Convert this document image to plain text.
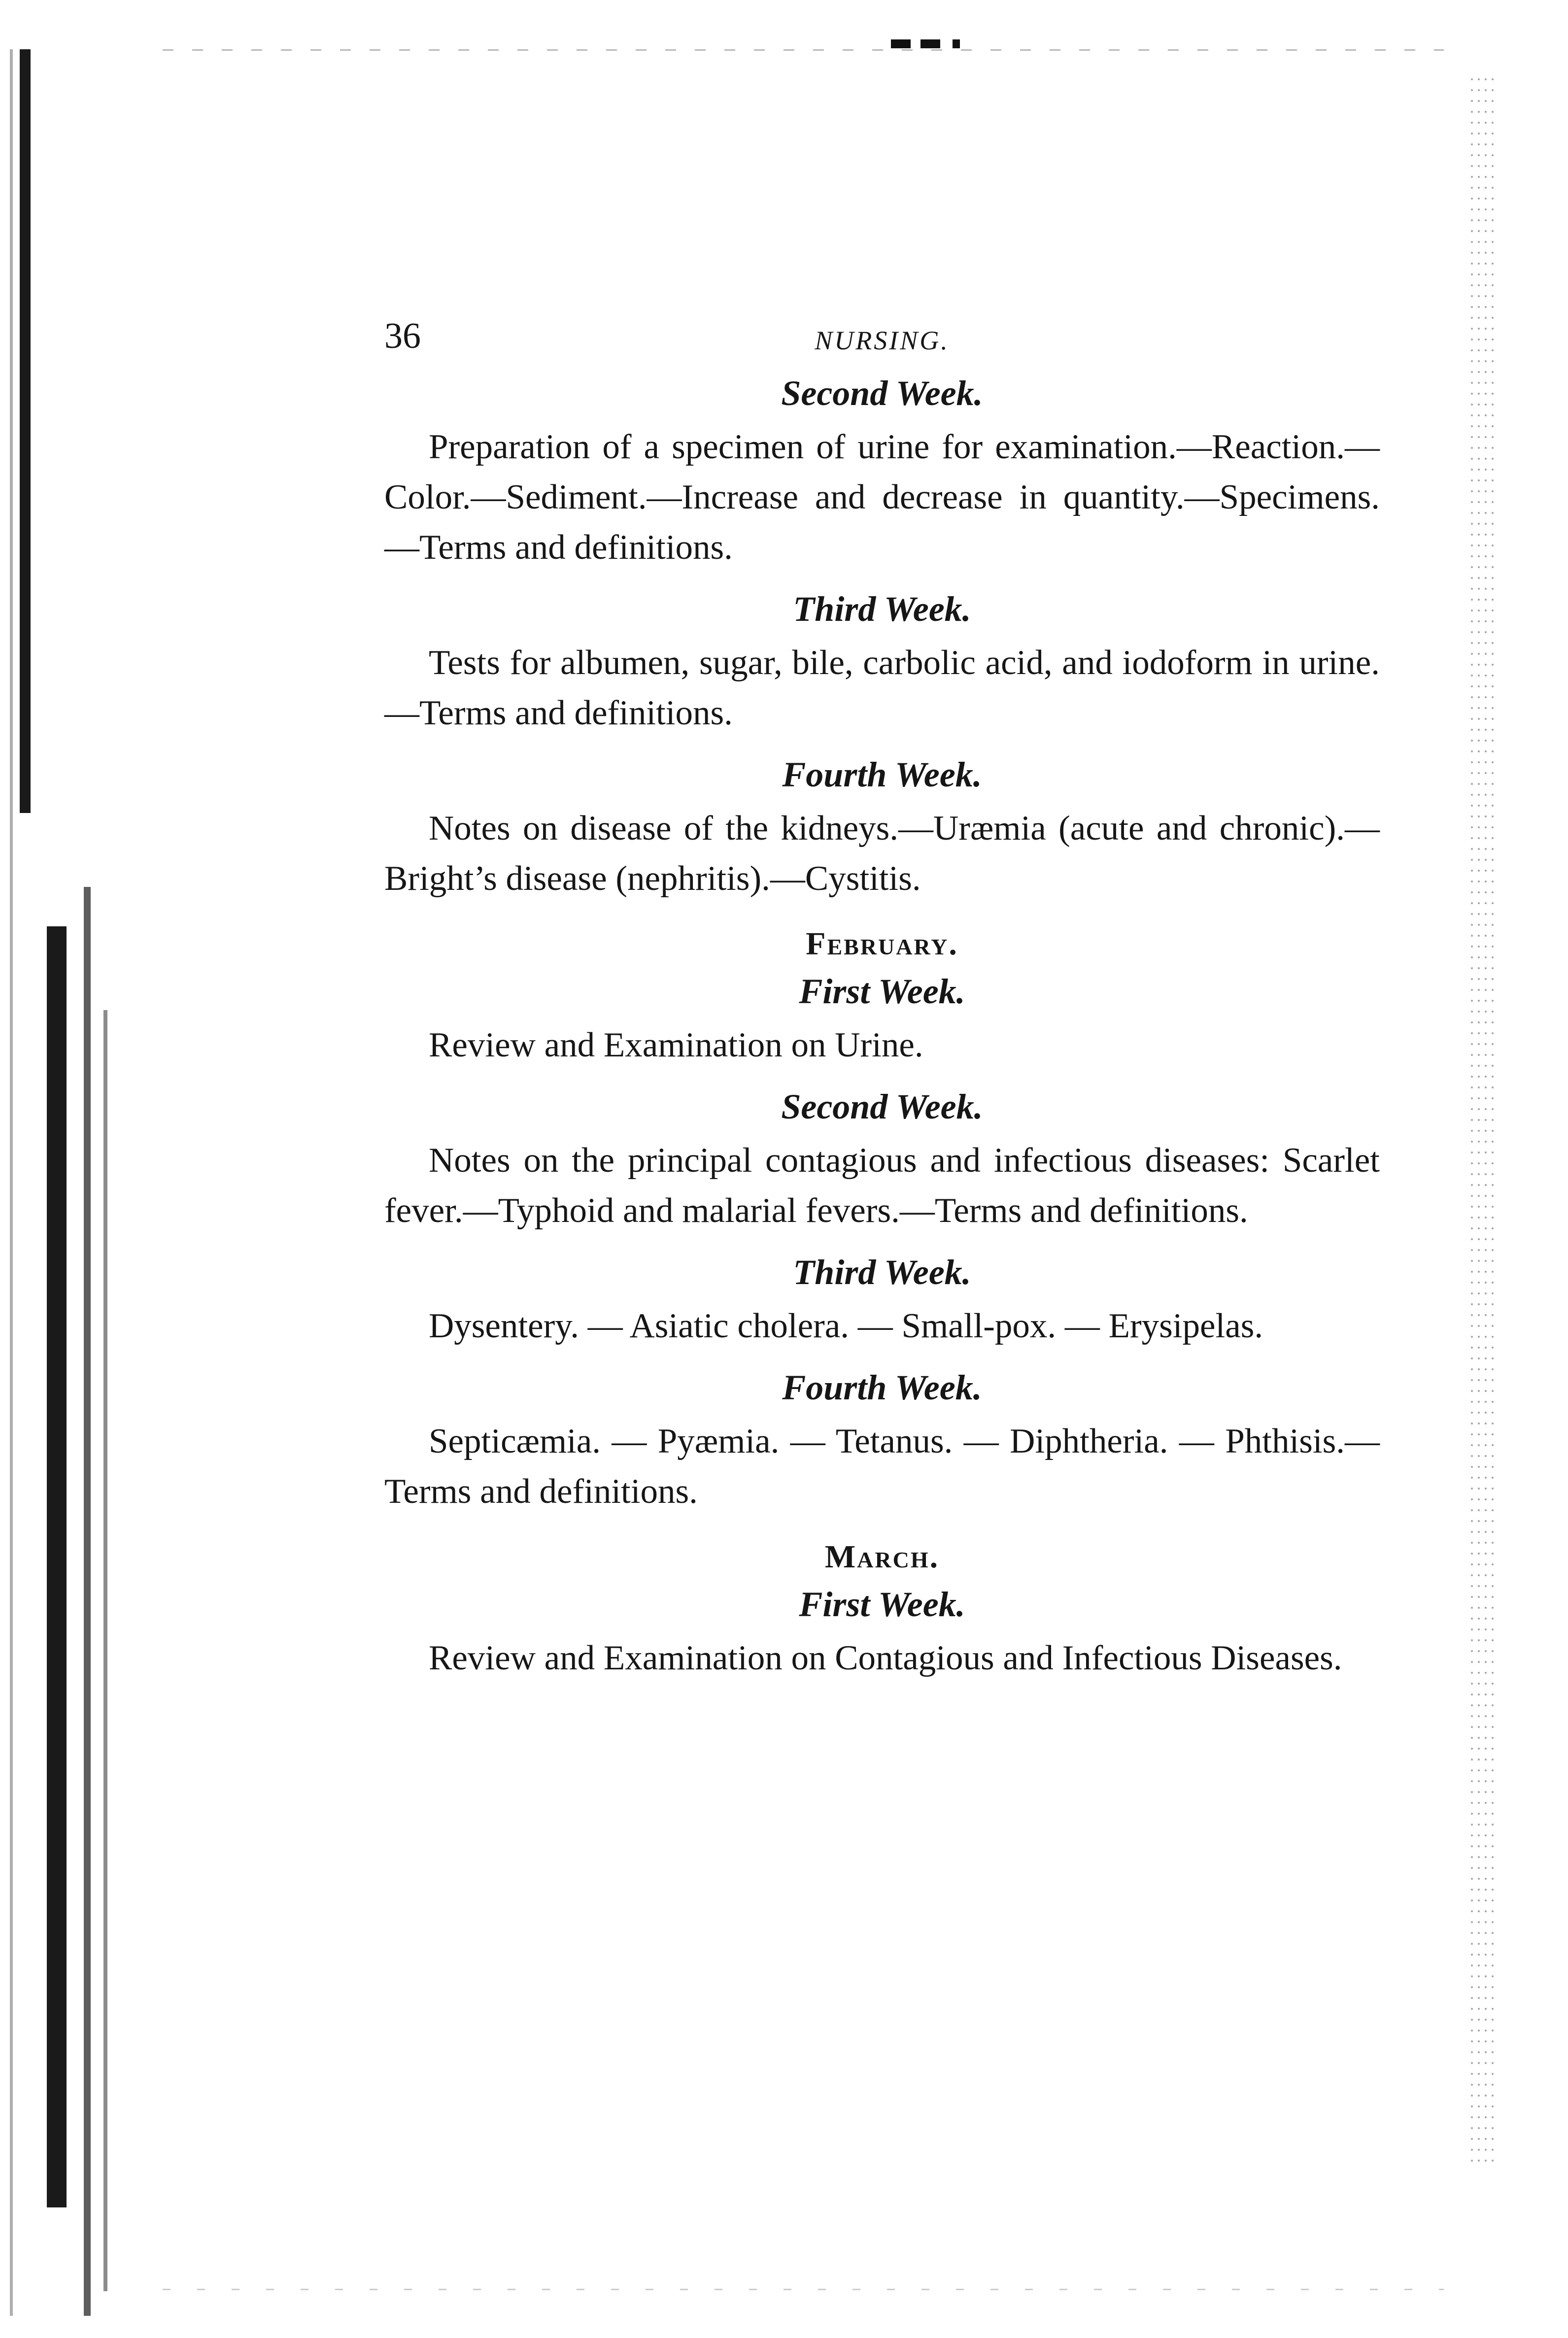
36	NURSING.
Second Week.

Preparation of a specimen of urine for examination.—Reaction.—Color.—Sediment.—Increase and decrease in quantity.—Specimens.—Terms and definitions.

Third Week.

Tests for albumen, sugar, bile, carbolic acid, and iodoform in urine.—Terms and definitions.

Fourth Week.

Notes on disease of the kidneys.—Uræmia (acute and chronic).—Bright’s disease (nephritis).—Cystitis.

February.
First Week.

Review and Examination on Urine.

Second Week.

Notes on the principal contagious and infectious diseases: Scarlet fever.—Typhoid and malarial fevers.—Terms and definitions.

Third Week.

Dysentery. — Asiatic cholera. — Small-pox. — Erysipelas.

Fourth Week.

Septicæmia. — Pyæmia. — Tetanus. — Diphtheria. — Phthisis.—Terms and definitions.

March.
First Week.

Review and Examination on Contagious and Infectious Diseases.
